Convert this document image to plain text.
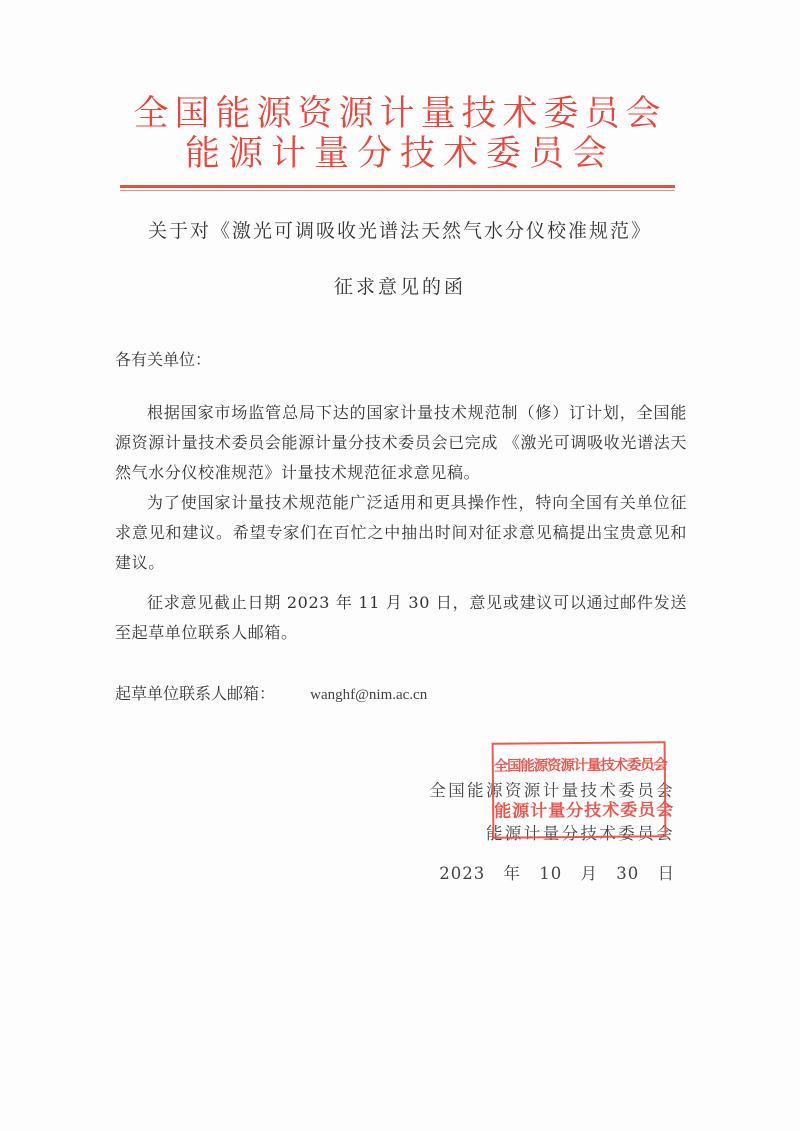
全国能源资源计量技术委员会
能源计量分技术委员会
关于对《激光可调吸收光谱法天然气水分仪校准规范》
征求意见的函
各有关单位：
根据国家市场监管总局下达的国家计量技术规范制（修）订计划，全国能源资源计量技术委员会能源计量分技术委员会已完成 《激光可调吸收光谱法天然气水分仪校准规范》计量技术规范征求意见稿。
为了使国家计量技术规范能广泛适用和更具操作性，特向全国有关单位征求意见和建议。希望专家们在百忙之中抽出时间对征求意见稿提出宝贵意见和建议。
征求意见截止日期 2023 年 11 月 30 日，意见或建议可以通过邮件发送至起草单位联系人邮箱。
起草单位联系人邮箱： wanghf@nim.ac.cn
全国能源资源计量技术委员会
能源计量分技术委员会
2023 年 10 月 30 日
全国能源资源计量技术委员会
能源计量分技术委员会
